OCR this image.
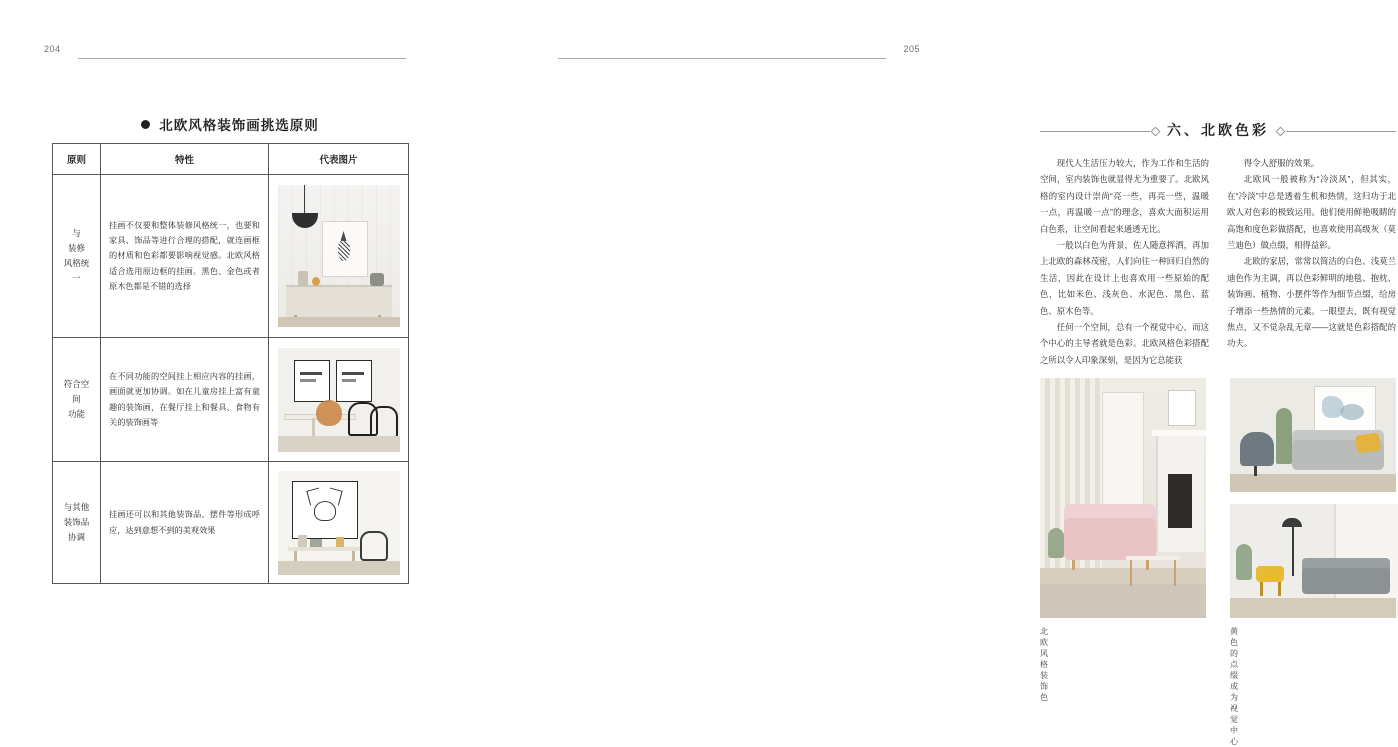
204
北欧风格装饰画挑选原则
原则	特性	代表图片
与
装修
风格统一	挂画不仅要和整体装修风格统一，也要和家具、饰品等进行合理的搭配，就连画框的材质和色彩都要影响视觉感。北欧风格适合选用原边框的挂画。黑色、金色或者原木色都是不错的选择	

符合空间
功能	在不同功能的空间挂上相应内容的挂画，画面就更加协调。如在儿童房挂上富有童趣的装饰画，在餐厅挂上和餐具、食物有关的装饰画等	

与其他
装饰品
协调	挂画还可以和其他装饰品、摆件等形成呼应，达到意想不到的美观效果	
205
六、北欧色彩

现代人生活压力较大，作为工作和生活的空间，室内装饰也就显得尤为重要了。北欧风格的室内设计崇尚“亮一些，再亮一些，温暖一点，再温暖一点”的理念，喜欢大面积运用白色系，让空间看起来通透无比。

一般以白色为背景，佐人随意挥洒，再加上北欧的森林茂密，人们向往一种回归自然的生活，因此在设计上也喜欢用一些原始的配色，比如米色、浅灰色、水泥色、黑色、蓝色、原木色等。

任何一个空间，总有一个视觉中心，而这个中心的主导者就是色彩。北欧风格色彩搭配之所以令人印象深刻，是因为它总能获

得令人舒服的效果。

北欧风一般被称为“冷淡风”，但其实，在“冷淡”中总是透着生机和热情，这归功于北欧人对色彩的极致运用。他们使用鲜艳吸睛的高饱和度色彩做搭配，也喜欢使用高级灰（莫兰迪色）做点缀，相得益彰。

北欧的家居，常常以简洁的白色、浅莫兰迪色作为主调，再以色彩鲜明的地毯、抱枕、装饰画、植物、小摆件等作为细节点缀，给房子增添一些热情的元素。一眼望去，既有视觉焦点，又不觉杂乱无章——这就是色彩搭配的功夫。

北欧风格装饰色
黄色的点缀成为视觉中心
